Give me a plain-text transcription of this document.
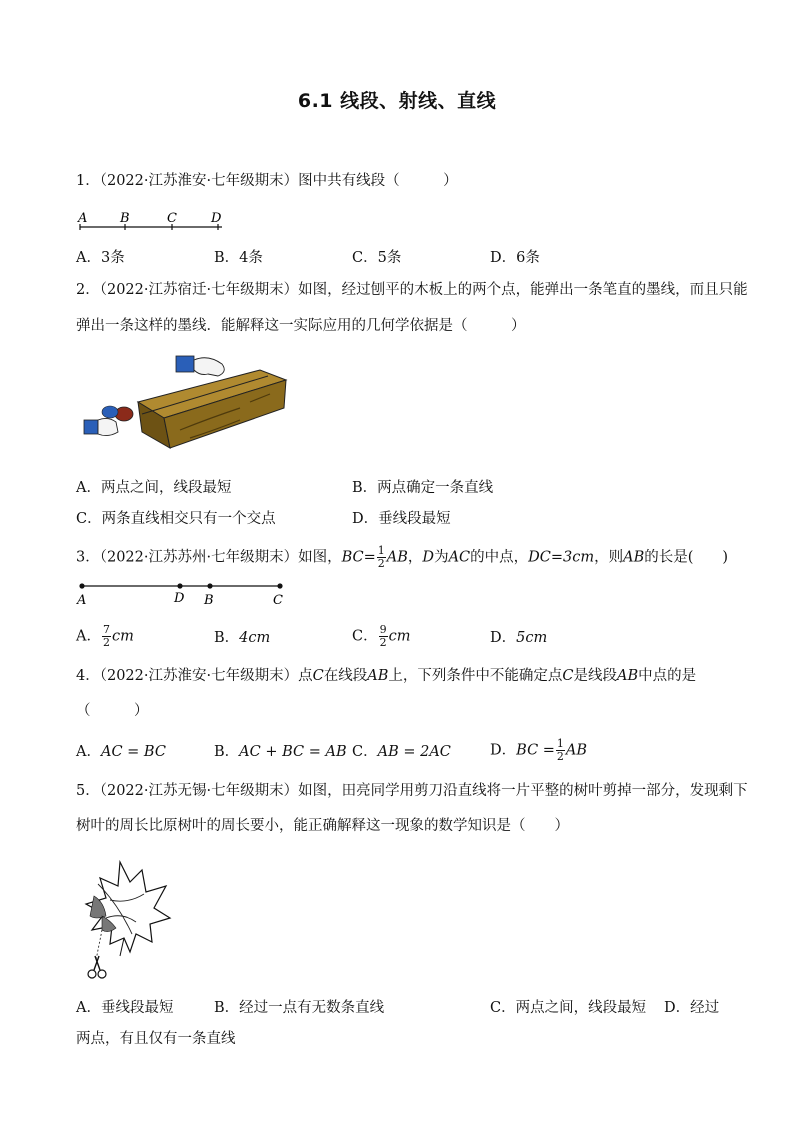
6.1 线段、射线、直线
1．（2022·江苏淮安·七年级期末）图中共有线段（　　　）
A	B	C	D
A．3条	B．4条	C．5条	D．6条
2．（2022·江苏宿迁·七年级期末）如图，经过刨平的木板上的两个点，能弹出一条笔直的墨线，而且只能
弹出一条这样的墨线．能解释这一实际应用的几何学依据是（　　　）
A．两点之间，线段最短	B．两点确定一条直线
C．两条直线相交只有一个交点	D．垂线段最短
3．（2022·江苏苏州·七年级期末）如图，$BC= \frac{1}{2}$ AB，D为AC的中点，DC=3cm，则AB的长是(　　)
A	D B	C
A． $\frac{7}{2}$ cm	B．4cm	C． $\frac{9}{2}$ cm	D．5cm
4．（2022·江苏淮安·七年级期末）点C在线段AB上，下列条件中不能确定点C是线段AB中点的是
（　　　）
A．AC = BC	B．AC + BC = AB C．AB = 2AC	D．BC = $\frac{1}{2}$ AB
5．（2022·江苏无锡·七年级期末）如图，田亮同学用剪刀沿直线将一片平整的树叶剪掉一部分，发现剩下
树叶的周长比原树叶的周长要小，能正确解释这一现象的数学知识是（　　）
A．垂线段最短	B．经过一点有无数条直线	C．两点之间，线段最短 D．经过
两点，有且仅有一条直线
